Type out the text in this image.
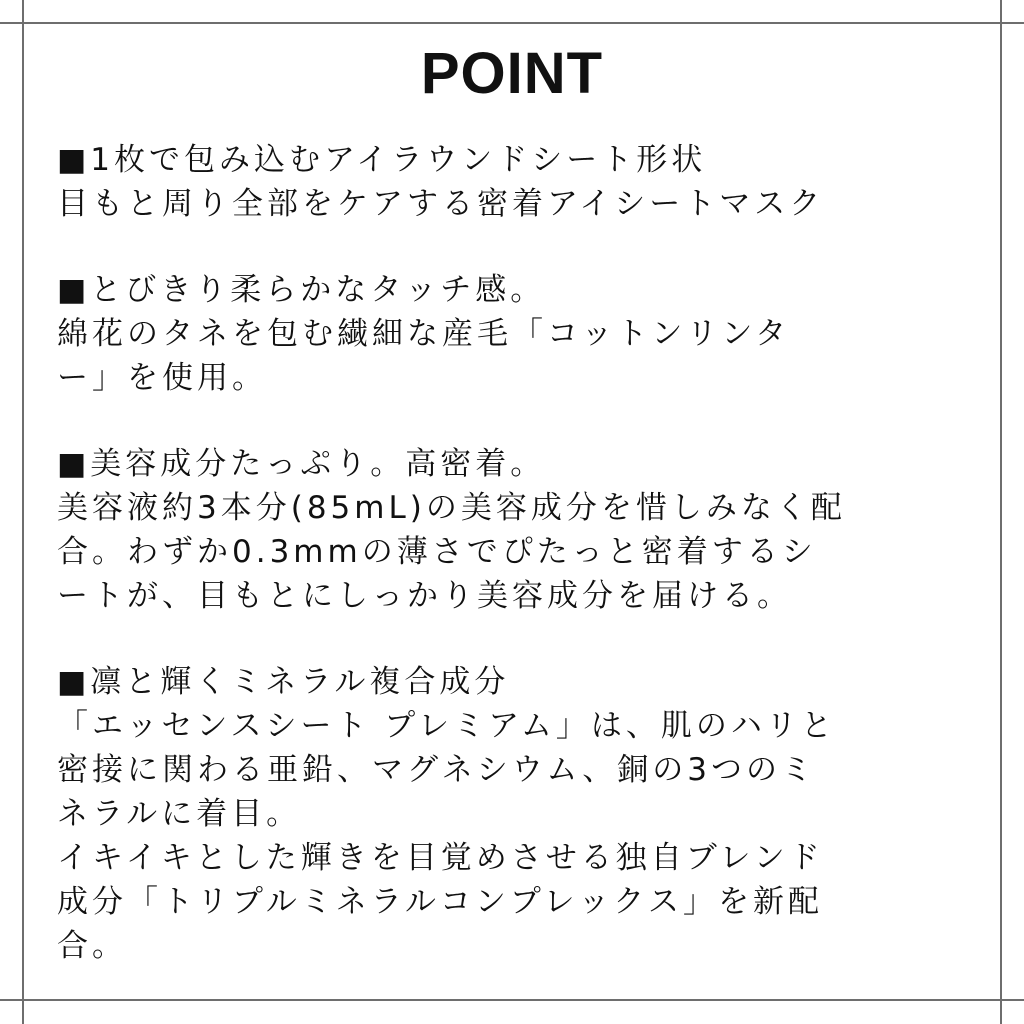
POINT
■1枚で包み込むアイラウンドシート形状
目もと周り全部をケアする密着アイシートマスク
■とびきり柔らかなタッチ感。
綿花のタネを包む繊細な産毛「コットンリンタ
ー」を使用。
■美容成分たっぷり。高密着。
美容液約3本分(85mL)の美容成分を惜しみなく配
合。わずか0.3mmの薄さでぴたっと密着するシ
ートが、目もとにしっかり美容成分を届ける。
■凛と輝くミネラル複合成分
「エッセンスシート プレミアム」は、肌のハリと
密接に関わる亜鉛、マグネシウム、銅の3つのミ
ネラルに着目。
イキイキとした輝きを目覚めさせる独自ブレンド
成分「トリプルミネラルコンプレックス」を新配
合。
